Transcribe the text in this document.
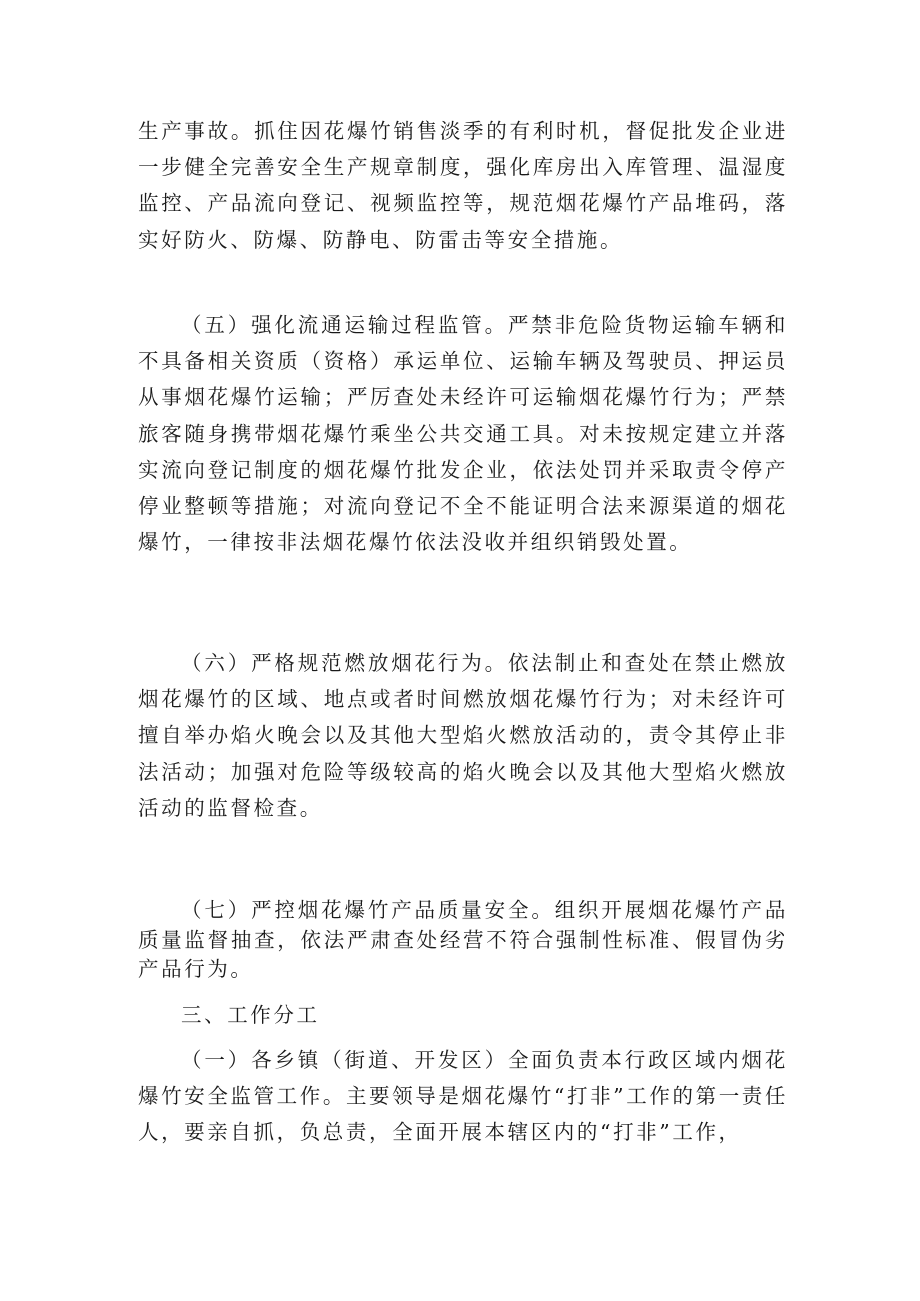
生产事故。抓住因花爆竹销售淡季的有利时机，督促批发企业进一步健全完善安全生产规章制度，强化库房出入库管理、温湿度监控、产品流向登记、视频监控等，规范烟花爆竹产品堆码，落实好防火、防爆、防静电、防雷击等安全措施。

（五）强化流通运输过程监管。严禁非危险货物运输车辆和不具备相关资质（资格）承运单位、运输车辆及驾驶员、押运员从事烟花爆竹运输；严厉查处未经许可运输烟花爆竹行为；严禁旅客随身携带烟花爆竹乘坐公共交通工具。对未按规定建立并落实流向登记制度的烟花爆竹批发企业，依法处罚并采取责令停产停业整顿等措施；对流向登记不全不能证明合法来源渠道的烟花爆竹，一律按非法烟花爆竹依法没收并组织销毁处置。

（六）严格规范燃放烟花行为。依法制止和查处在禁止燃放烟花爆竹的区域、地点或者时间燃放烟花爆竹行为；对未经许可擅自举办焰火晚会以及其他大型焰火燃放活动的，责令其停止非法活动；加强对危险等级较高的焰火晚会以及其他大型焰火燃放活动的监督检查。

（七）严控烟花爆竹产品质量安全。组织开展烟花爆竹产品质量监督抽查，依法严肃查处经营不符合强制性标准、假冒伪劣产品行为。

三、工作分工

（一）各乡镇（街道、开发区）全面负责本行政区域内烟花爆竹安全监管工作。主要领导是烟花爆竹“打非”工作的第一责任人，要亲自抓，负总责，全面开展本辖区内的“打非”工作，
